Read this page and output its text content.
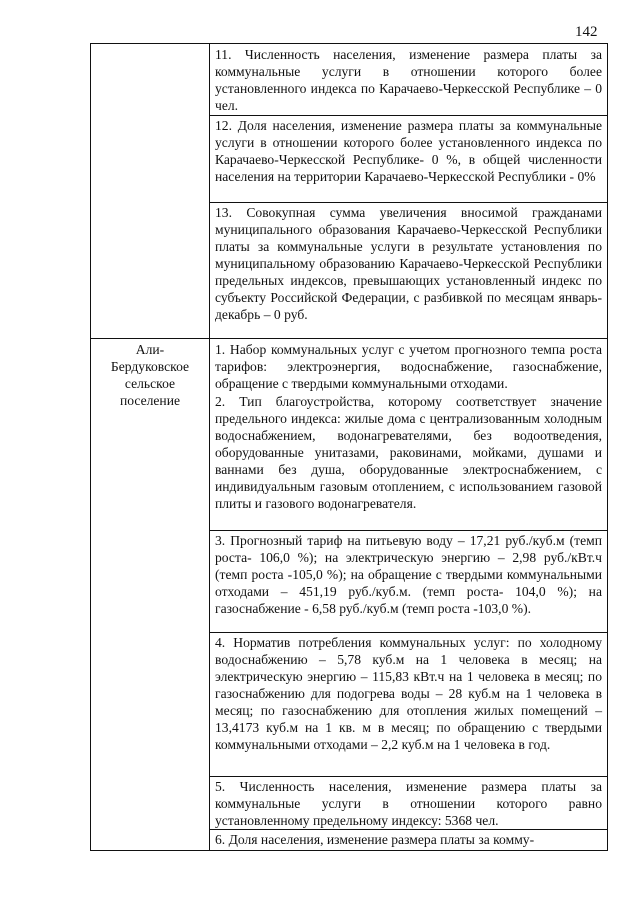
142

11. Численность населения, изменение размера платы за коммунальные услуги в отношении которого более установленного индекса по Карачаево-Черкесской Республике – 0 чел.

12. Доля населения, изменение размера платы за коммунальные услуги в отношении которого более установленного индекса по Карачаево-Черкесской Республике- 0 %, в общей численности населения на территории Карачаево-Черкесской Республики - 0%

13. Совокупная сумма увеличения вносимой гражданами муниципального образования Карачаево-Черкесской Республики платы за коммунальные услуги в результате установления по муниципальному образованию Карачаево-Черкесской Республики предельных индексов, превышающих установленный индекс по субъекту Российской Федерации, с разбивкой по месяцам январь-декабрь – 0 руб.

Али-
Бердуковское
сельское
поселение

1. Набор коммунальных услуг с учетом прогнозного темпа роста тарифов: электроэнергия, водоснабжение, газоснабжение, обращение с твердыми коммунальными отходами.

2. Тип благоустройства, которому соответствует значение предельного индекса: жилые дома с централизованным холодным водоснабжением, водонагревателями, без водоотведения, оборудованные унитазами, раковинами, мойками, душами и ваннами без душа, оборудованные электроснабжением, с индивидуальным газовым отоплением, с использованием газовой плиты и газового водонагревателя.

3. Прогнозный тариф на питьевую воду – 17,21 руб./куб.м (темп роста- 106,0 %); на электрическую энергию – 2,98 руб./кВт.ч (темп роста -105,0 %); на обращение с твердыми коммунальными отходами – 451,19 руб./куб.м. (темп роста- 104,0 %); на газоснабжение - 6,58 руб./куб.м (темп роста -103,0 %).

4. Норматив потребления коммунальных услуг: по холодному водоснабжению – 5,78 куб.м на 1 человека в месяц; на электрическую энергию – 115,83 кВт.ч на 1 человека в месяц; по газоснабжению для подогрева воды – 28 куб.м на 1 человека в месяц; по газоснабжению для отопления жилых помещений – 13,4173 куб.м на 1 кв. м в месяц; по обращению с твердыми коммунальными отходами – 2,2 куб.м на 1 человека в год.

5. Численность населения, изменение размера платы за коммунальные услуги в отношении которого равно установленному предельному индексу: 5368 чел.

6. Доля населения, изменение размера платы за комму-
